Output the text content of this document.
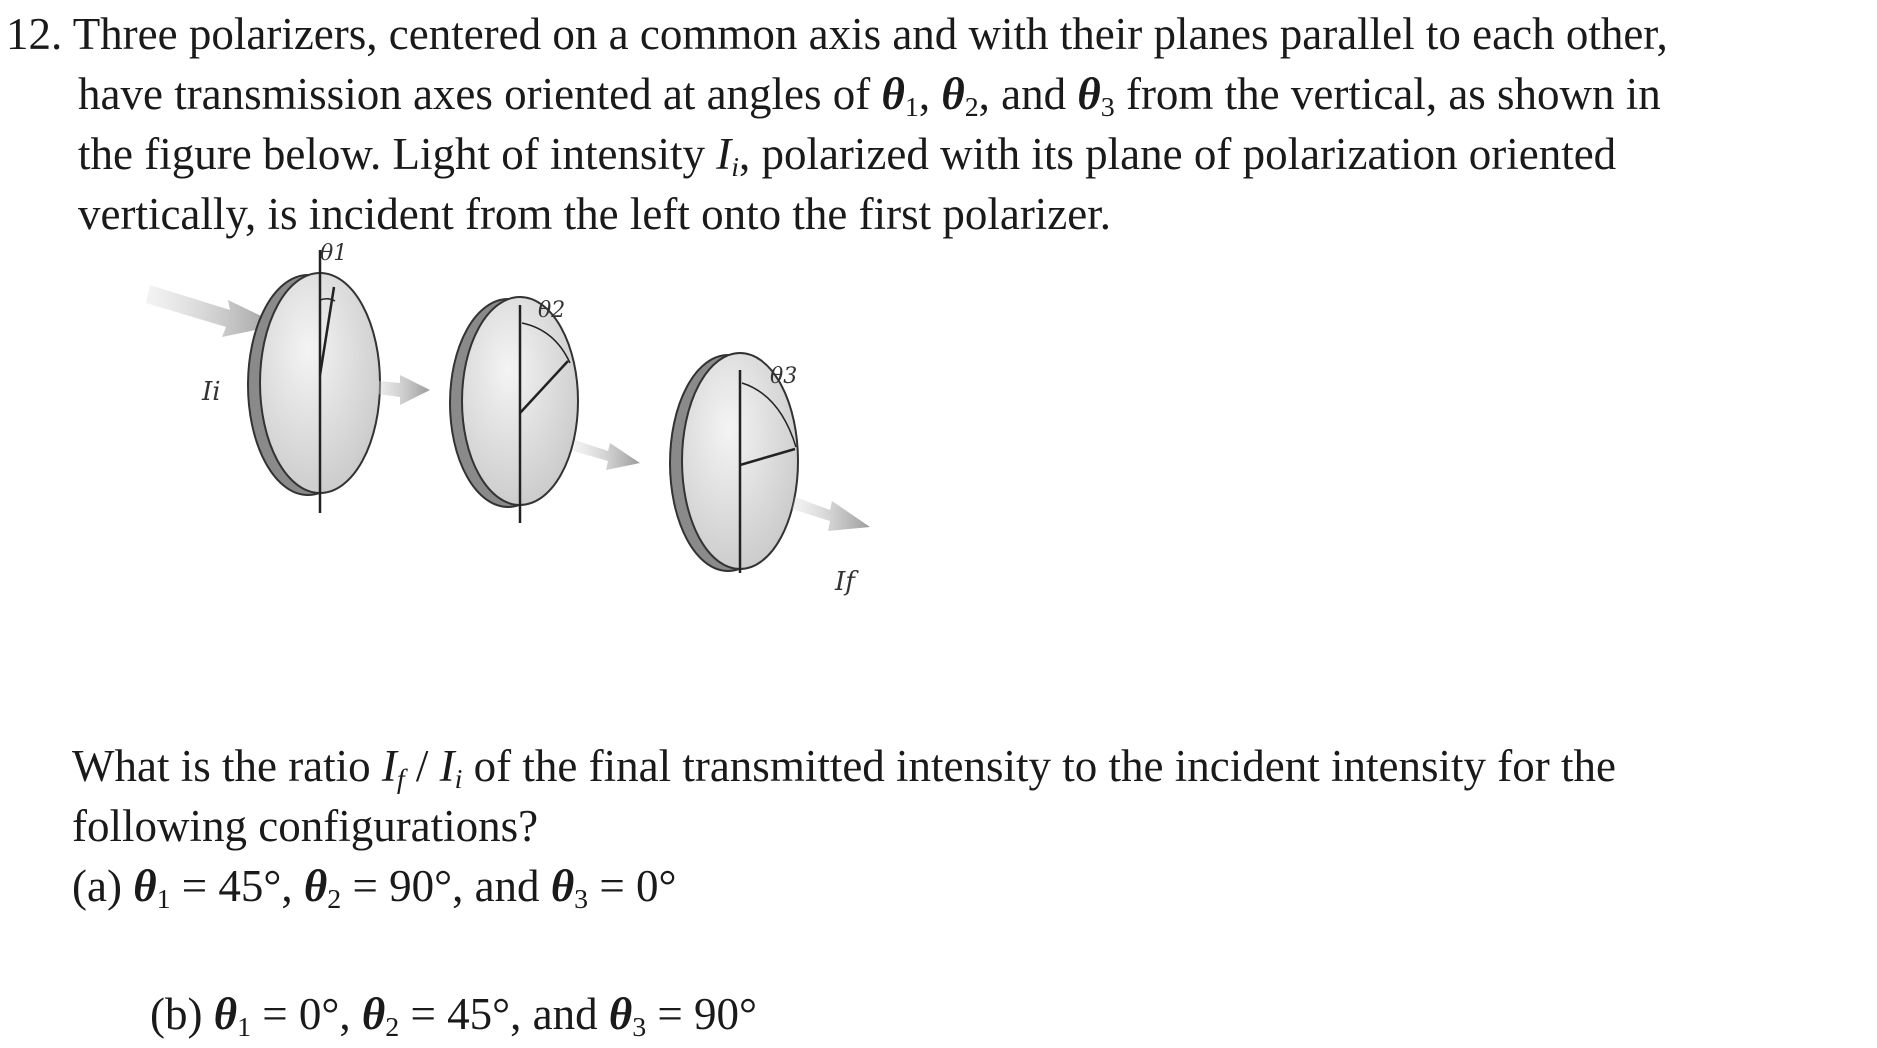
12. Three polarizers, centered on a common axis and with their planes parallel to each other,
have transmission axes oriented at angles of $\theta_1$, $\theta_2$, and $\theta_3$ from the vertical, as shown in
the figure below. Light of intensity $I_i$, polarized with its plane of polarization oriented
vertically, is incident from the left onto the first polarizer.
θ1
Ii
θ2
θ3
If
What is the ratio $I_f / I_i$ of the final transmitted intensity to the incident intensity for the
following configurations?
(a) $\theta_1 = 45^\circ$, $\theta_2 = 90^\circ$, and $\theta_3 = 0^\circ$
(b) $\theta_1 = 0^\circ$, $\theta_2 = 45^\circ$, and $\theta_3 = 90^\circ$
